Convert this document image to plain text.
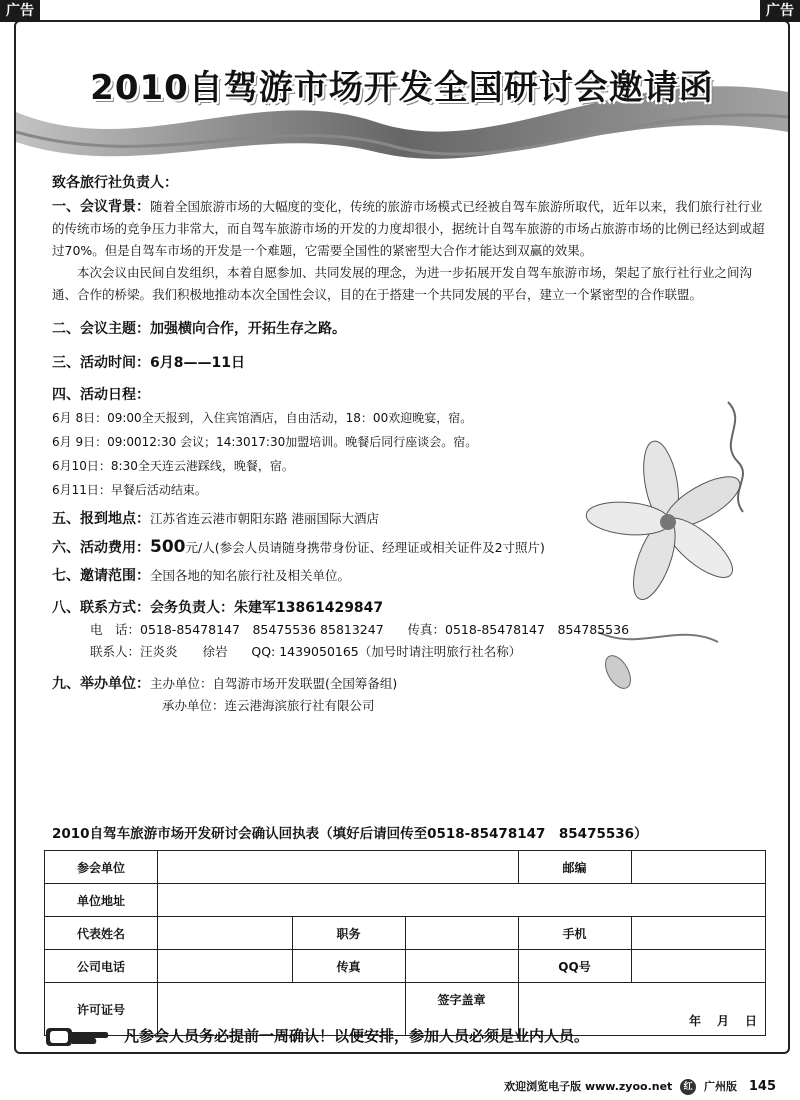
广告	广告
2010自驾游市场开发全国研讨会邀请函
致各旅行社负责人：
一、会议背景：随着全国旅游市场的大幅度的变化，传统的旅游市场模式已经被自驾车旅游所取代，近年以来，我们旅行社行业的传统市场的竞争压力非常大，而自驾车旅游市场的开发的力度却很小，据统计自驾车旅游的市场占旅游市场的比例已经达到或超过70%。但是自驾车市场的开发是一个难题，它需要全国性的紧密型大合作才能达到双赢的效果。
本次会议由民间自发组织，本着自愿参加、共同发展的理念，为进一步拓展开发自驾车旅游市场，架起了旅行社行业之间沟通、合作的桥梁。我们积极地推动本次全国性会议，目的在于搭建一个共同发展的平台，建立一个紧密型的合作联盟。
二、会议主题：加强横向合作，开拓生存之路。
三、活动时间：6月8——11日
四、活动日程：
6月 8日：09:00全天报到，入住宾馆酒店，自由活动，18：00欢迎晚宴，宿。
6月 9日：09:0012:30 会议；14:3017:30加盟培训。晚餐后同行座谈会。宿。
6月10日：8:30全天连云港踩线，晚餐，宿。
6月11日：早餐后活动结束。
五、报到地点：江苏省连云港市朝阳东路 港丽国际大酒店
六、活动费用：500元/人(参会人员请随身携带身份证、经理证或相关证件及2寸照片)
七、邀请范围：全国各地的知名旅行社及相关单位。
八、联系方式：会务负责人：朱建军13861429847
电　话：0518-85478147　85475536 85813247 传真：0518-85478147　854785536
联系人：汪炎炎　　徐岩 QQ: 1439050165（加号时请注明旅行社名称）
九、举办单位：主办单位：自驾游市场开发联盟(全国筹备组)
承办单位：连云港海滨旅行社有限公司
2010自驾车旅游市场开发研讨会确认回执表（填好后请回传至0518-85478147　85475536）
参会单位				邮编	
单位地址					
代表姓名		职务		手机	
公司电话		传真		QQ号	
许可证号			签字盖章	年　月　日	
凡参会人员务必提前一周确认！以便安排，参加人员必须是业内人员。
欢迎浏览电子版 www.zyoo.net 红 广州版 145
